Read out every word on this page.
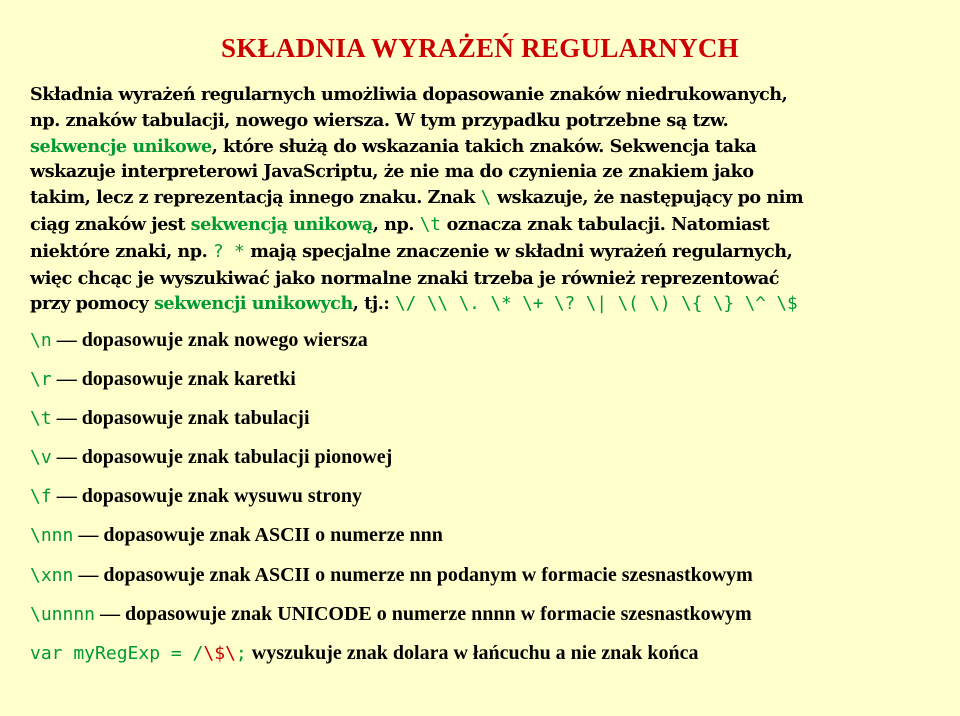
SKŁADNIA WYRAŻEŃ REGULARNYCH
Składnia wyrażeń regularnych umożliwia dopasowanie znaków niedrukowanych,
np. znaków tabulacji, nowego wiersza. W tym przypadku potrzebne są tzw.
sekwencje unikowe, które służą do wskazania takich znaków. Sekwencja taka
wskazuje interpreterowi JavaScriptu, że nie ma do czynienia ze znakiem jako
takim, lecz z reprezentacją innego znaku. Znak \ wskazuje, że następujący po nim
ciąg znaków jest sekwencją unikową, np. \t oznacza znak tabulacji. Natomiast
niektóre znaki, np. ? * mają specjalne znaczenie w składni wyrażeń regularnych,
więc chcąc je wyszukiwać jako normalne znaki trzeba je również reprezentować
przy pomocy sekwencji unikowych, tj.: \/ \\ \. \* \+ \? \| \( \) \{ \} \^ \$
\n — dopasowuje znak nowego wiersza
\r — dopasowuje znak karetki
\t — dopasowuje znak tabulacji
\v — dopasowuje znak tabulacji pionowej
\f — dopasowuje znak wysuwu strony
\nnn — dopasowuje znak ASCII o numerze nnn
\xnn — dopasowuje znak ASCII o numerze nn podanym w formacie szesnastkowym
\unnnn — dopasowuje znak UNICODE o numerze nnnn w formacie szesnastkowym
var myRegExp = /\$\; wyszukuje znak dolara w łańcuchu a nie znak końca
